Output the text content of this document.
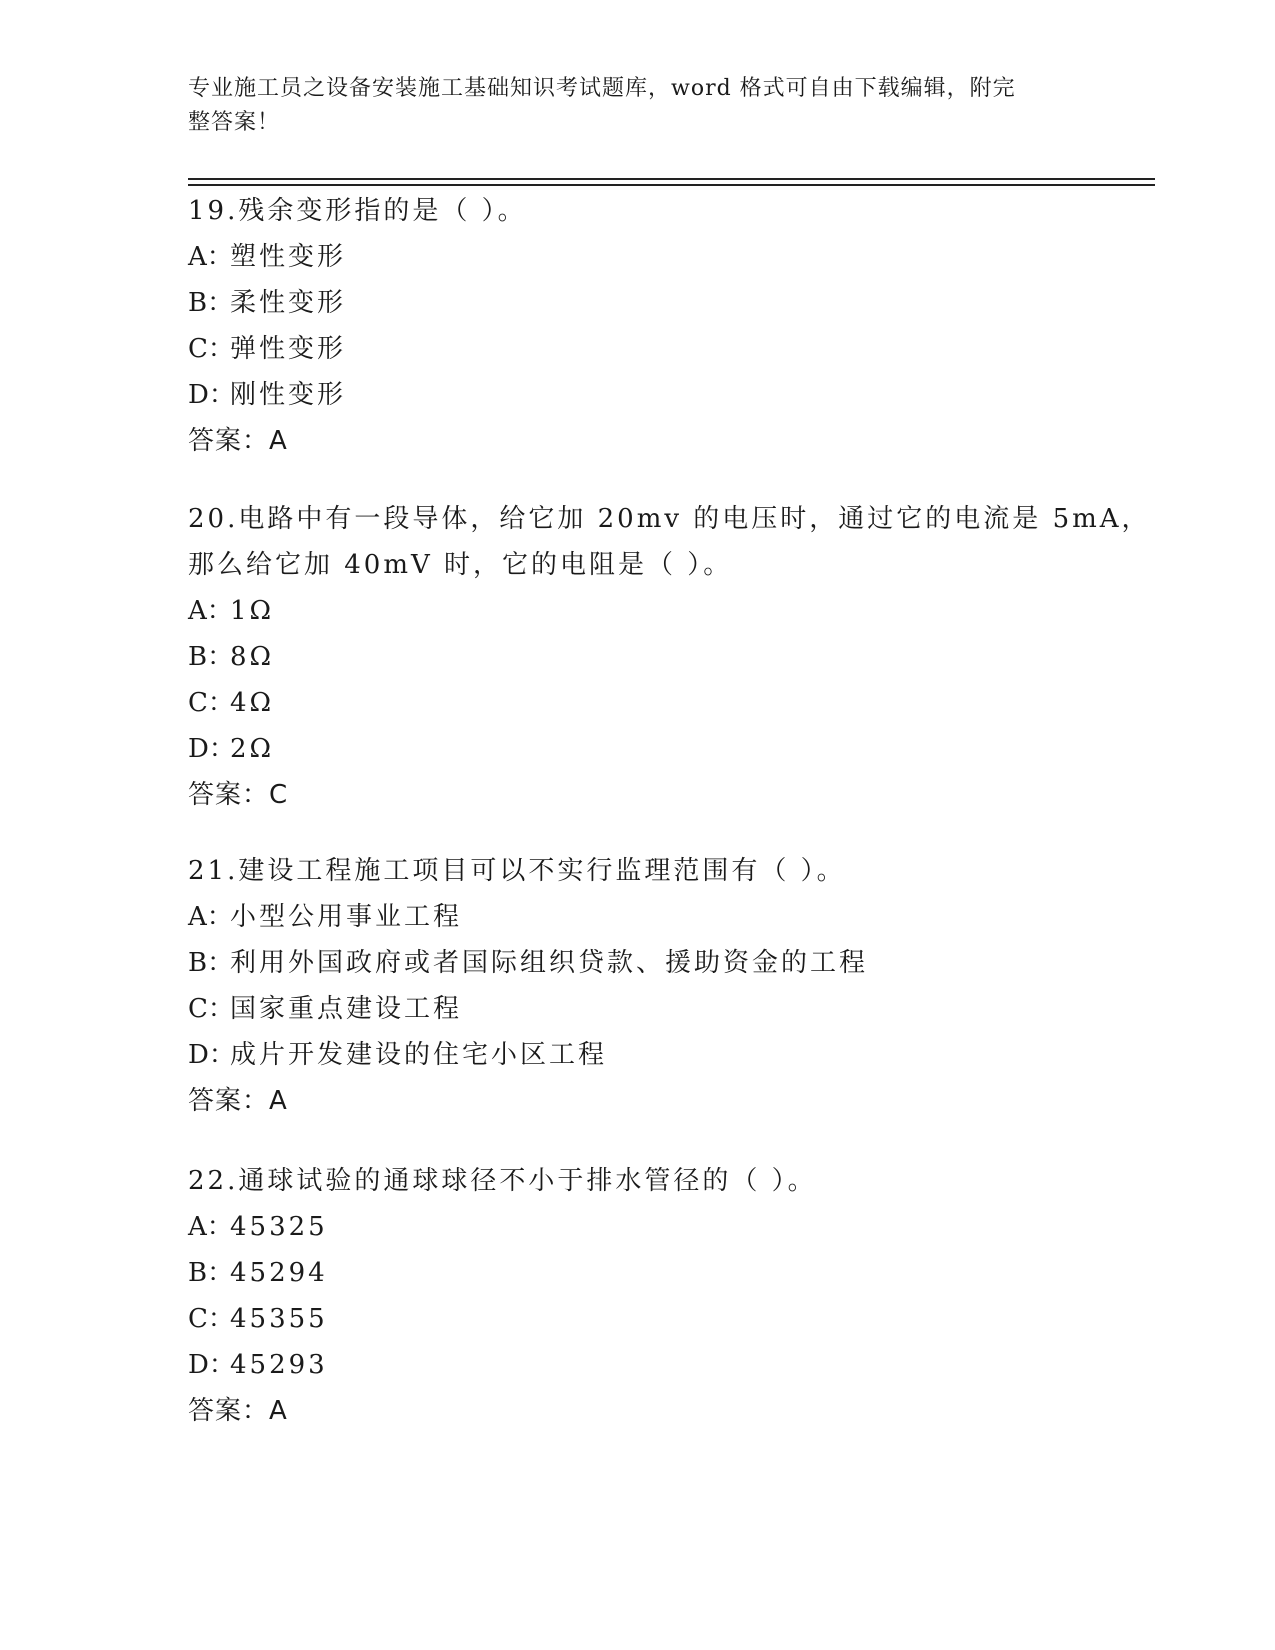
专业施工员之设备安装施工基础知识考试题库，word 格式可自由下载编辑，附完
整答案！
19.残余变形指的是（ ）。
A：塑性变形
B：柔性变形
C：弹性变形
D：刚性变形
答案：A
20.电路中有一段导体，给它加 20mv 的电压时，通过它的电流是 5mA，
那么给它加 40mV 时，它的电阻是（ ）。
A：1Ω
B：8Ω
C：4Ω
D：2Ω
答案：C
21.建设工程施工项目可以不实行监理范围有（ ）。
A：小型公用事业工程
B：利用外国政府或者国际组织贷款、援助资金的工程
C：国家重点建设工程
D：成片开发建设的住宅小区工程
答案：A
22.通球试验的通球球径不小于排水管径的（ ）。
A：45325
B：45294
C：45355
D：45293
答案：A
